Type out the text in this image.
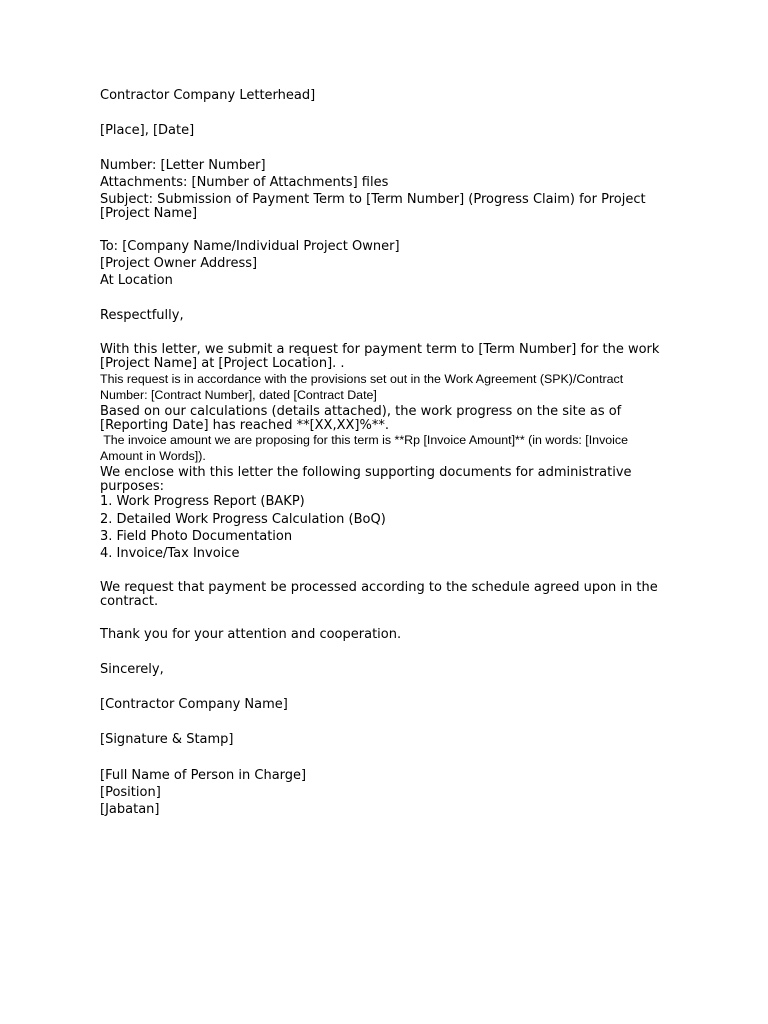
Contractor Company Letterhead]
[Place], [Date]
Number: [Letter Number]
Attachments: [Number of Attachments] files
Subject: Submission of Payment Term to [Term Number] (Progress Claim) for Project
[Project Name]
To: [Company Name/Individual Project Owner]
[Project Owner Address]
At Location
Respectfully,
With this letter, we submit a request for payment term to [Term Number] for the work
[Project Name] at [Project Location]. .
This request is in accordance with the provisions set out in the Work Agreement (SPK)/Contract
Number: [Contract Number], dated [Contract Date]
Based on our calculations (details attached), the work progress on the site as of
[Reporting Date] has reached **[XX,XX]%**.
The invoice amount we are proposing for this term is **Rp [Invoice Amount]** (in words: [Invoice
Amount in Words]).
We enclose with this letter the following supporting documents for administrative
purposes:
1. Work Progress Report (BAKP)
2. Detailed Work Progress Calculation (BoQ)
3. Field Photo Documentation
4. Invoice/Tax Invoice
We request that payment be processed according to the schedule agreed upon in the
contract.
Thank you for your attention and cooperation.
Sincerely,
[Contractor Company Name]
[Signature & Stamp]
[Full Name of Person in Charge]
[Position]
[Jabatan]
